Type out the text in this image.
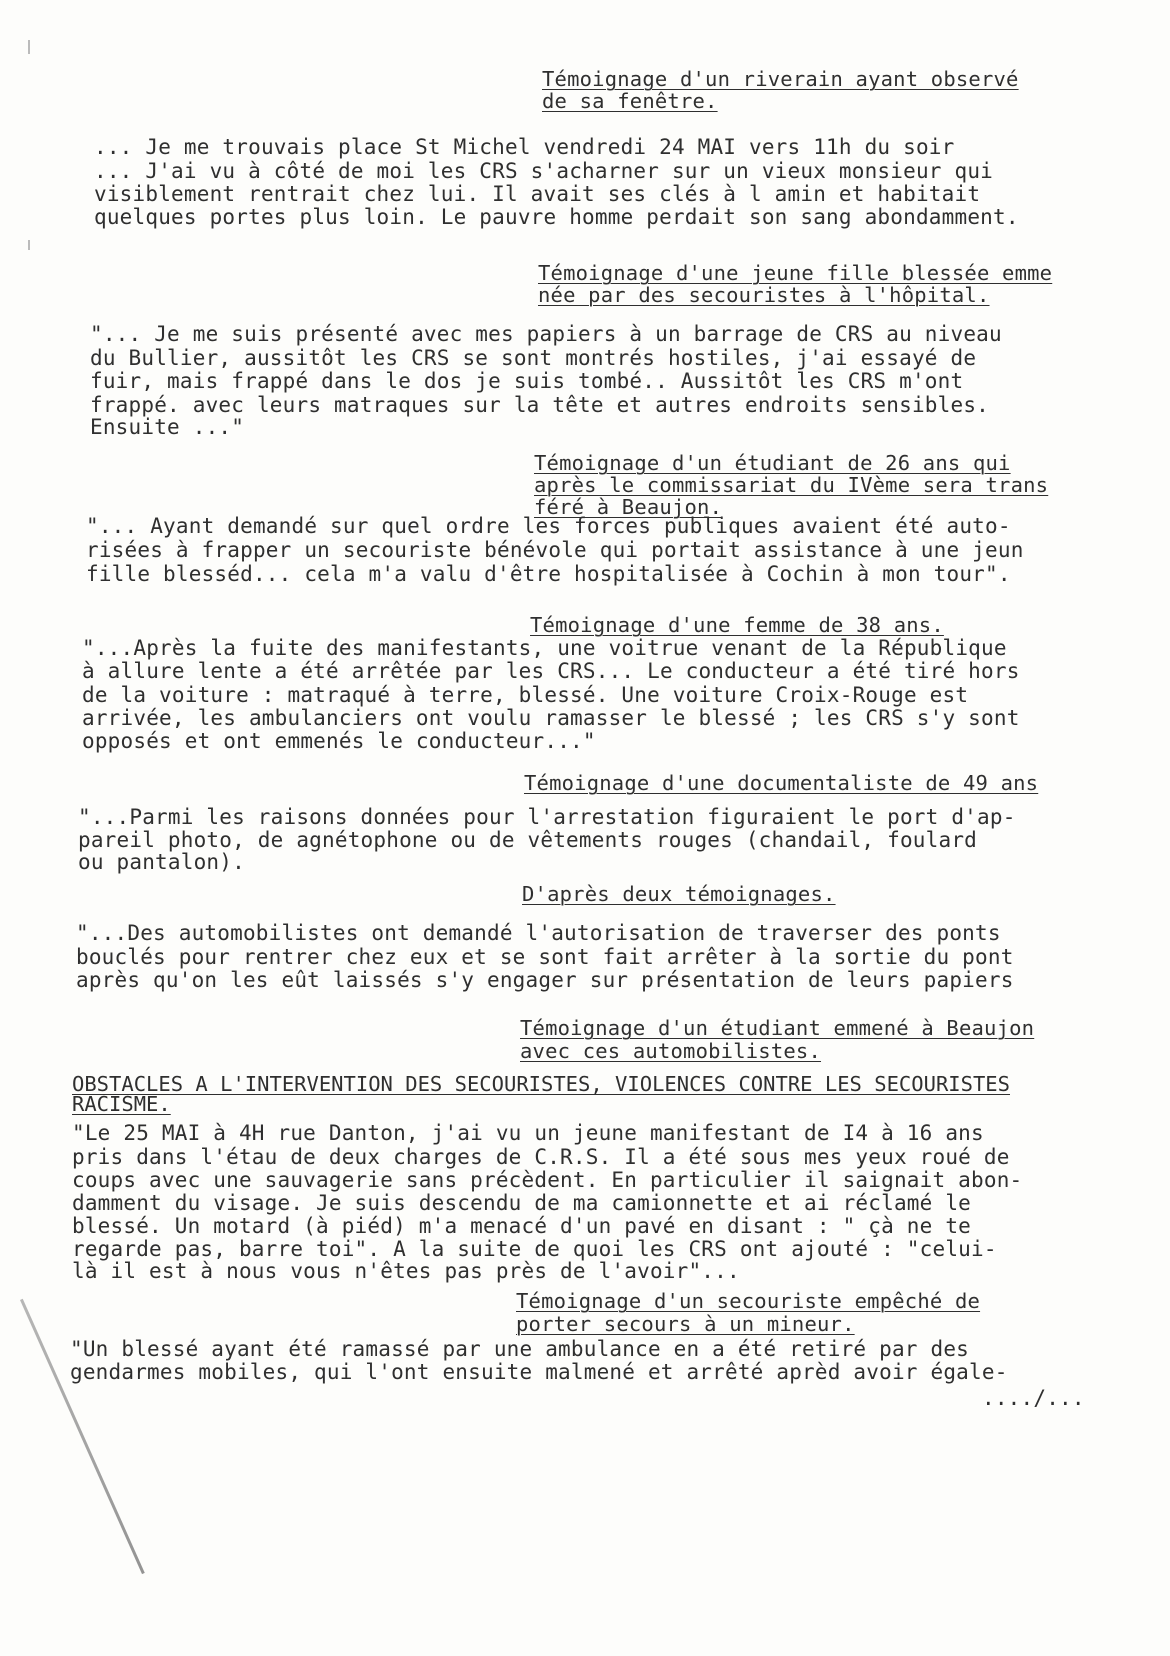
Témoignage d'un riverain ayant observé
de sa fenêtre.
... Je me trouvais place St Michel vendredi 24 MAI vers 11h du soir
... J'ai vu à côté de moi les CRS s'acharner sur un vieux monsieur qui
visiblement rentrait chez lui. Il avait ses clés à l amin et habitait
quelques portes plus loin. Le pauvre homme perdait son sang abondamment.
Témoignage d'une jeune fille blessée emme
née par des secouristes à l'hôpital.
"... Je me suis présenté avec mes papiers à un barrage de CRS au niveau
du Bullier, aussitôt les CRS se sont montrés hostiles, j'ai essayé de
fuir, mais frappé dans le dos je suis tombé.. Aussitôt les CRS m'ont
frappé. avec leurs matraques sur la tête et autres endroits sensibles.
Ensuite ..."
Témoignage d'un étudiant de 26 ans qui
après le commissariat du IVème sera trans
féré à Beaujon.
"... Ayant demandé sur quel ordre les forces publiques avaient été auto-
risées à frapper un secouriste bénévole qui portait assistance à une jeun
fille blesséd... cela m'a valu d'être hospitalisée à Cochin à mon tour".
Témoignage d'une femme de 38 ans.
"...Après la fuite des manifestants, une voitrue venant de la République
à allure lente a été arrêtée par les CRS... Le conducteur a été tiré hors
de la voiture : matraqué à terre, blessé. Une voiture Croix-Rouge est
arrivée, les ambulanciers ont voulu ramasser le blessé ; les CRS s'y sont
opposés et ont emmenés le conducteur..."
Témoignage d'une documentaliste de 49 ans
"...Parmi les raisons données pour l'arrestation figuraient le port d'ap-
pareil photo, de agnétophone ou de vêtements rouges (chandail, foulard
ou pantalon).
D'après deux témoignages.
"...Des automobilistes ont demandé l'autorisation de traverser des ponts
bouclés pour rentrer chez eux et se sont fait arrêter à la sortie du pont
après qu'on les eût laissés s'y engager sur présentation de leurs papiers
Témoignage d'un étudiant emmené à Beaujon
avec ces automobilistes.
OBSTACLES A L'INTERVENTION DES SECOURISTES, VIOLENCES CONTRE LES SECOURISTES
RACISME.
"Le 25 MAI à 4H rue Danton, j'ai vu un jeune manifestant de I4 à 16 ans
pris dans l'étau de deux charges de C.R.S. Il a été sous mes yeux roué de
coups avec une sauvagerie sans précèdent. En particulier il saignait abon-
damment du visage. Je suis descendu de ma camionnette et ai réclamé le
blessé. Un motard (à piéd) m'a menacé d'un pavé en disant : " çà ne te
regarde pas, barre toi". A la suite de quoi les CRS ont ajouté : "celui-
là il est à nous vous n'êtes pas près de l'avoir"...
Témoignage d'un secouriste empêché de
porter secours à un mineur.
"Un blessé ayant été ramassé par une ambulance en a été retiré par des
gendarmes mobiles, qui l'ont ensuite malmené et arrêté aprèd avoir égale-
..../...
